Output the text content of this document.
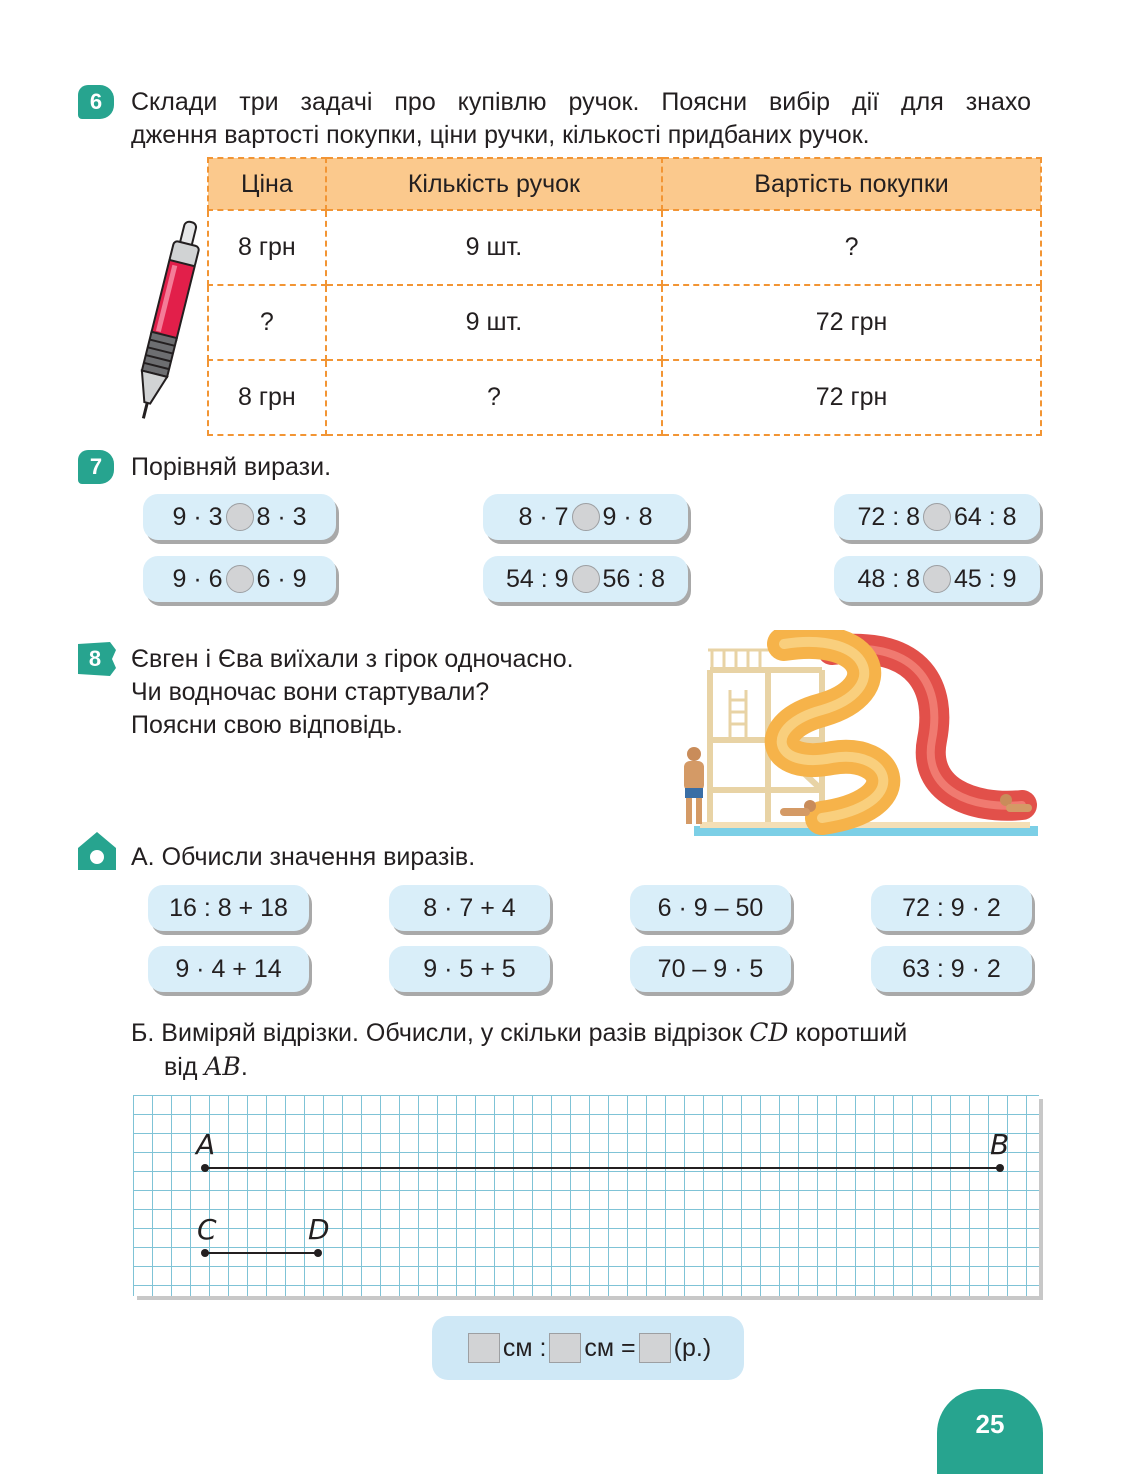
6	Склади три задачі про купівлю ручок. Поясни вибір дії для знахо
дження вартості покупки, ціни ручки, кількості придбаних ручок.
Ціна	Кількість ручок	Вартість покупки
8 грн	9 шт.	?
?	9 шт.	72 грн
8 грн	?	72 грн
7	Порівняй вирази.
9 · 3 8 · 3	8 · 7 9 · 8	72 : 8 64 : 8
9 · 6 6 · 9	54 : 9 56 : 8	48 : 8 45 : 9
8	Євген і Єва виїхали з гірок одночасно.
Чи водночас вони стартували?
Поясни свою відповідь.
А. Обчисли значення виразів.
16 : 8 + 18	8 · 7 + 4	6 · 9 – 50	72 : 9 · 2
9 · 4 + 14	9 · 5 + 5	70 – 9 · 5	63 : 9 · 2
Б. Виміряй відрізки. Обчисли, у скільки разів відрізок CD коротший
від AB.
A	B
C	D
см : см = (р.)
25
